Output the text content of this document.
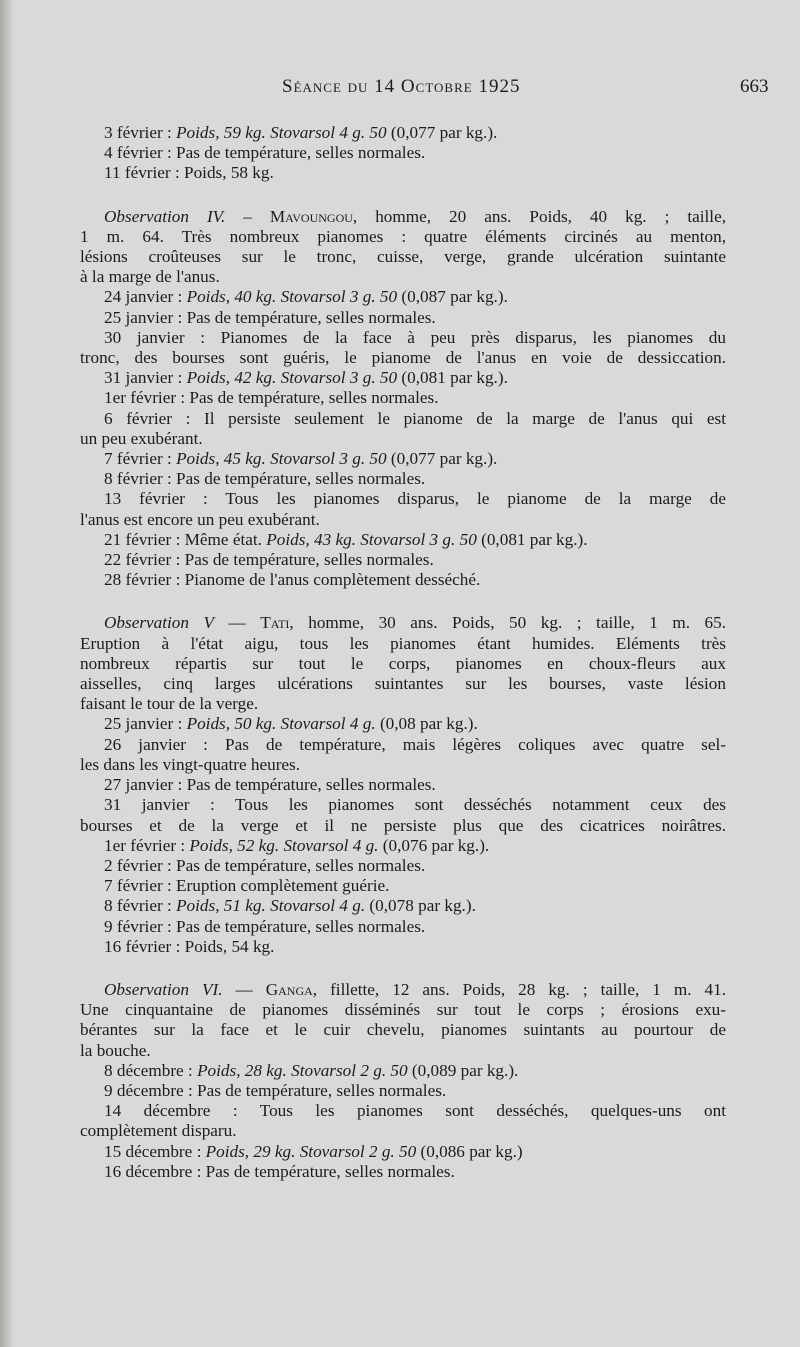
Séance du 14 Octobre 1925	663
3 février : Poids, 59 kg. Stovarsol 4 g. 50 (0,077 par kg.).
4 février : Pas de température, selles normales.
11 février : Poids, 58 kg.
Observation IV. – Mavoungou, homme, 20 ans. Poids, 40 kg. ; taille,
1 m. 64. Très nombreux pianomes : quatre éléments circinés au menton,
lésions croûteuses sur le tronc, cuisse, verge, grande ulcération suintante
à la marge de l'anus.
24 janvier : Poids, 40 kg. Stovarsol 3 g. 50 (0,087 par kg.).
25 janvier : Pas de température, selles normales.
30 janvier : Pianomes de la face à peu près disparus, les pianomes du
tronc, des bourses sont guéris, le pianome de l'anus en voie de dessiccation.
31 janvier : Poids, 42 kg. Stovarsol 3 g. 50 (0,081 par kg.).
1er février : Pas de température, selles normales.
6 février : Il persiste seulement le pianome de la marge de l'anus qui est
un peu exubérant.
7 février : Poids, 45 kg. Stovarsol 3 g. 50 (0,077 par kg.).
8 février : Pas de température, selles normales.
13 février : Tous les pianomes disparus, le pianome de la marge de
l'anus est encore un peu exubérant.
21 février : Même état. Poids, 43 kg. Stovarsol 3 g. 50 (0,081 par kg.).
22 février : Pas de température, selles normales.
28 février : Pianome de l'anus complètement desséché.
Observation V — Tati, homme, 30 ans. Poids, 50 kg. ; taille, 1 m. 65.
Eruption à l'état aigu, tous les pianomes étant humides. Eléments très
nombreux répartis sur tout le corps, pianomes en choux-fleurs aux
aisselles, cinq larges ulcérations suintantes sur les bourses, vaste lésion
faisant le tour de la verge.
25 janvier : Poids, 50 kg. Stovarsol 4 g. (0,08 par kg.).
26 janvier : Pas de température, mais légères coliques avec quatre sel-
les dans les vingt-quatre heures.
27 janvier : Pas de température, selles normales.
31 janvier : Tous les pianomes sont desséchés notamment ceux des
bourses et de la verge et il ne persiste plus que des cicatrices noirâtres.
1er février : Poids, 52 kg. Stovarsol 4 g. (0,076 par kg.).
2 février : Pas de température, selles normales.
7 février : Eruption complètement guérie.
8 février : Poids, 51 kg. Stovarsol 4 g. (0,078 par kg.).
9 février : Pas de température, selles normales.
16 février : Poids, 54 kg.
Observation VI. — Ganga, fillette, 12 ans. Poids, 28 kg. ; taille, 1 m. 41.
Une cinquantaine de pianomes disséminés sur tout le corps ; érosions exu-
bérantes sur la face et le cuir chevelu, pianomes suintants au pourtour de
la bouche.
8 décembre : Poids, 28 kg. Stovarsol 2 g. 50 (0,089 par kg.).
9 décembre : Pas de température, selles normales.
14 décembre : Tous les pianomes sont desséchés, quelques-uns ont
complètement disparu.
15 décembre : Poids, 29 kg. Stovarsol 2 g. 50 (0,086 par kg.)
16 décembre : Pas de température, selles normales.
